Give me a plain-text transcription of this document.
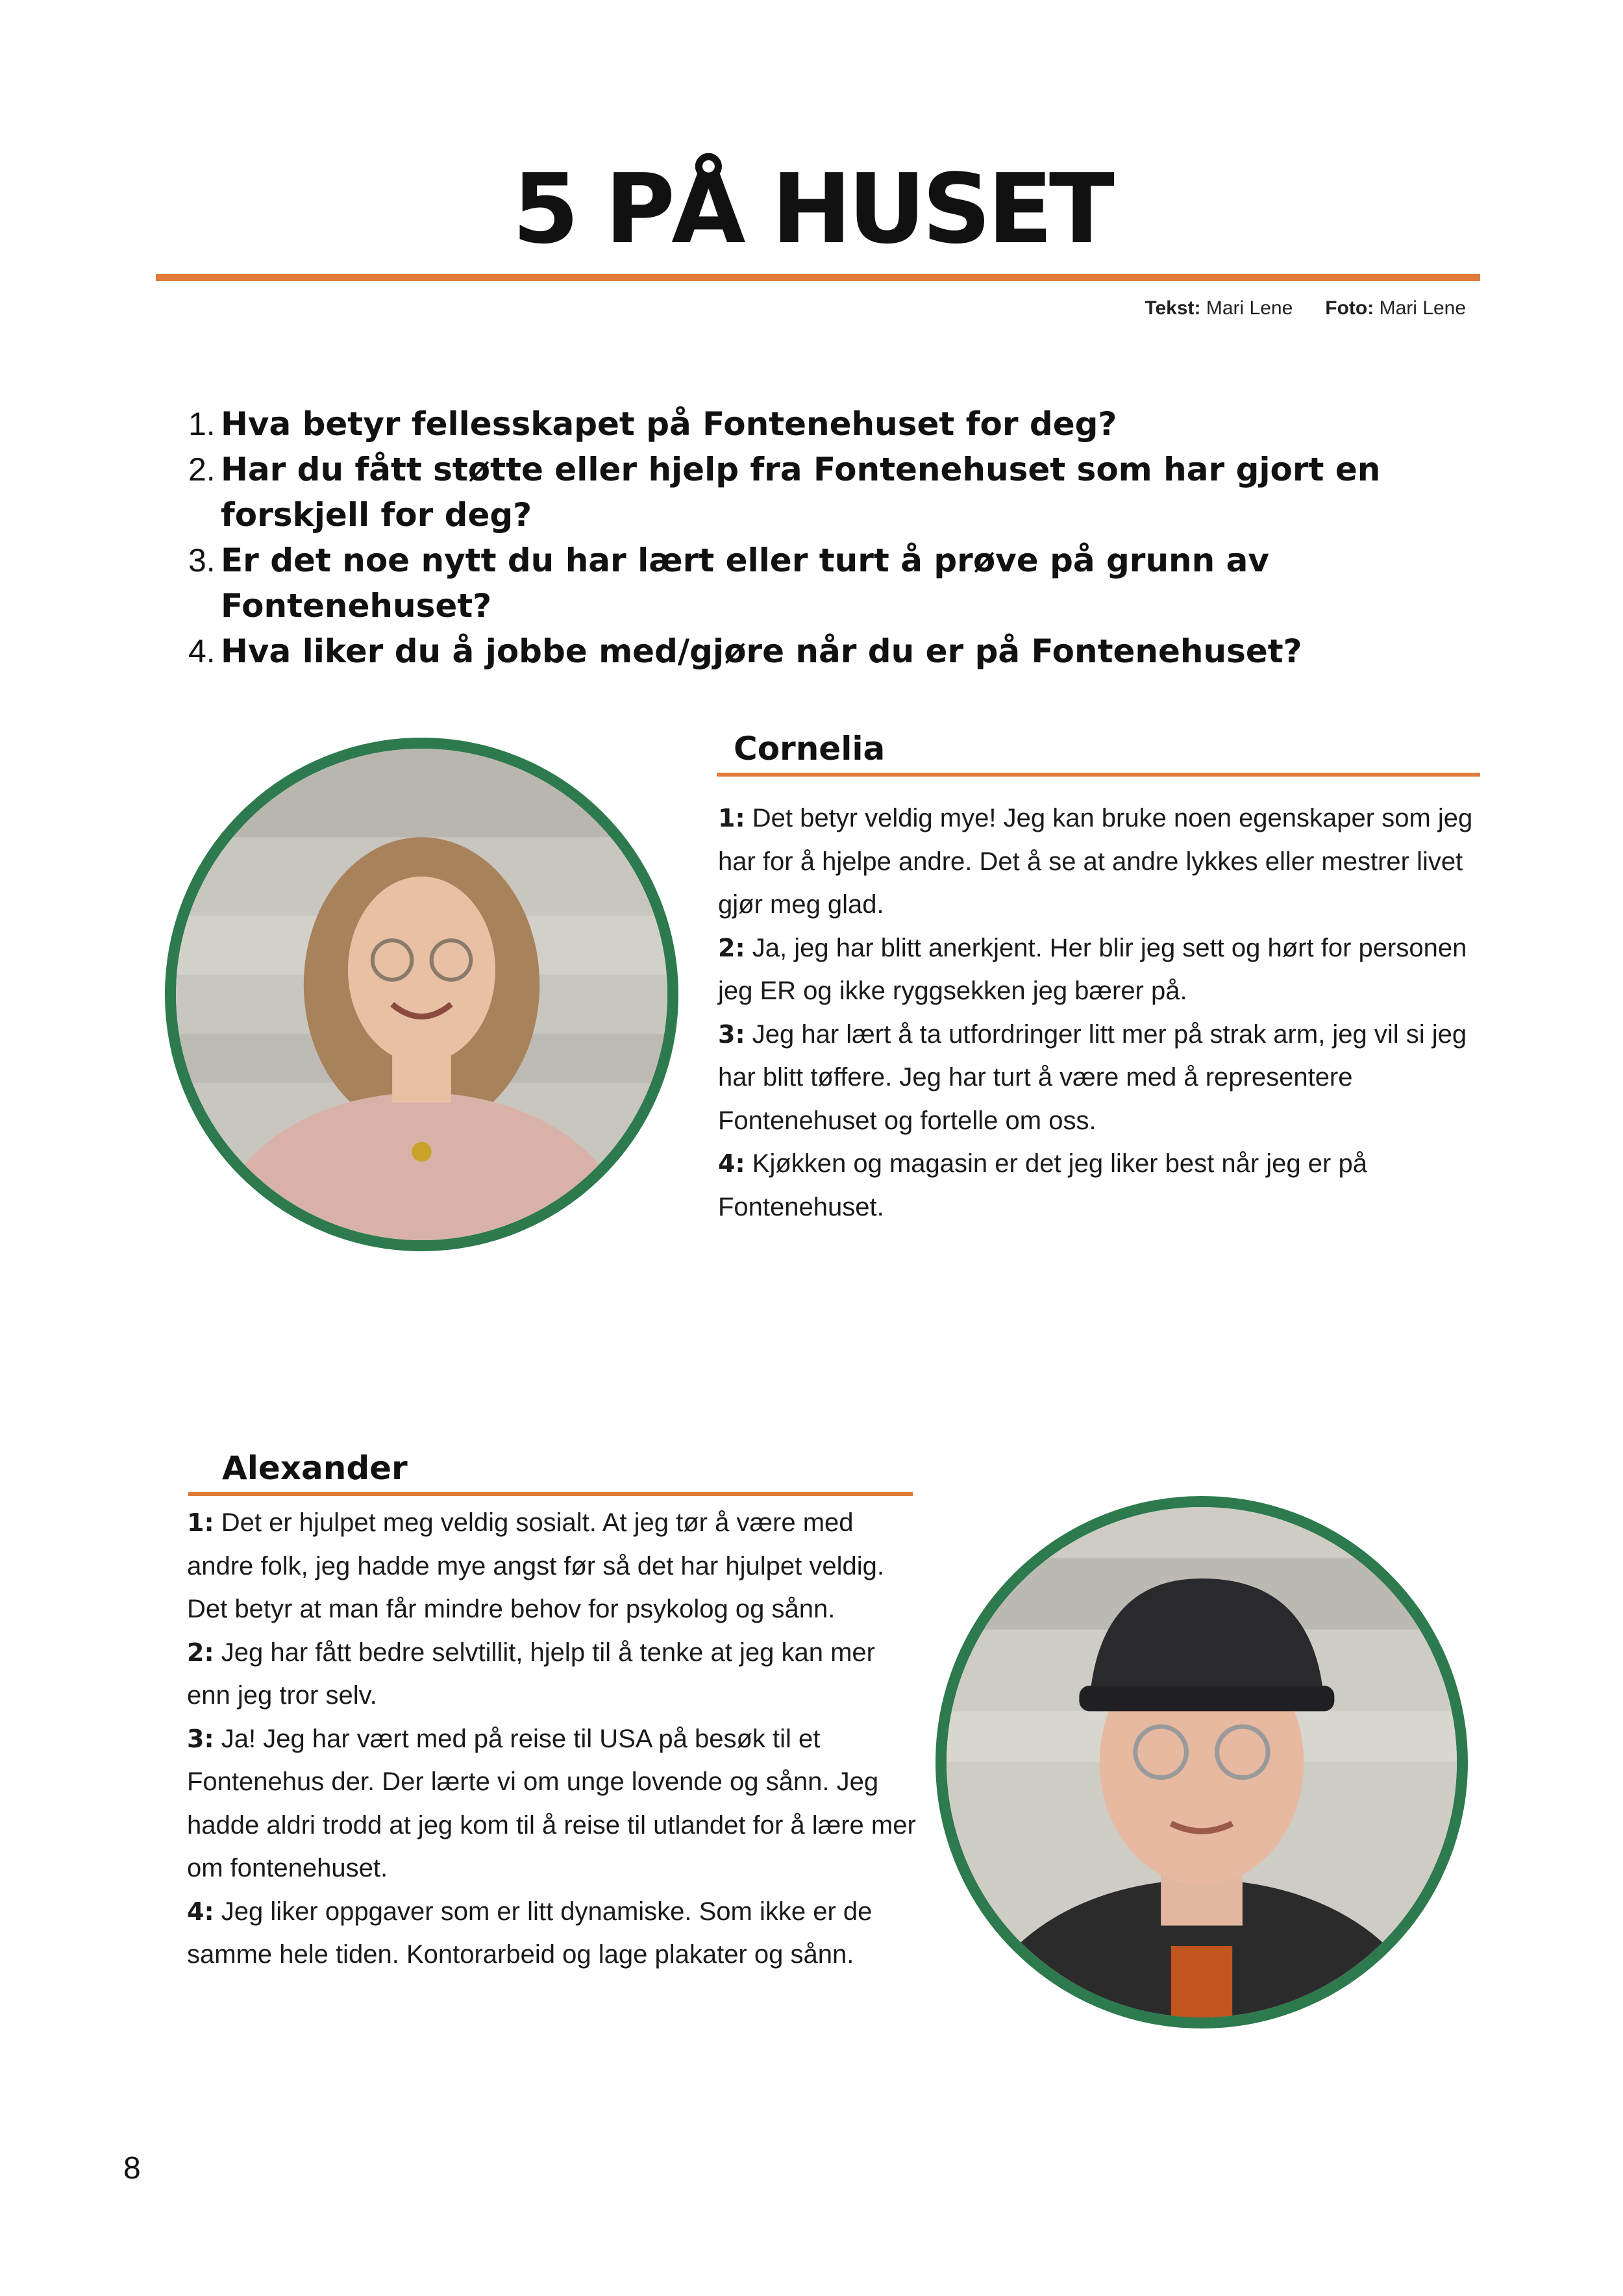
5 PÅ HUSET
Tekst: Mari Lene Foto: Mari Lene
1. Hva betyr fellesskapet på Fontenehuset for deg?
2. Har du fått støtte eller hjelp fra Fontenehuset som har gjort en forskjell for deg?
3. Er det noe nytt du har lært eller turt å prøve på grunn av Fontenehuset?
4. Hva liker du å jobbe med/gjøre når du er på Fontenehuset?
Cornelia

1: Det betyr veldig mye! Jeg kan bruke noen egenskaper som jeg har for å hjelpe andre. Det å se at andre lykkes eller mestrer livet gjør meg glad.

2: Ja, jeg har blitt anerkjent. Her blir jeg sett og hørt for personen jeg ER og ikke ryggsekken jeg bærer på.

3: Jeg har lært å ta utfordringer litt mer på strak arm, jeg vil si jeg har blitt tøffere. Jeg har turt å være med å representere Fontenehuset og fortelle om oss.

4: Kjøkken og magasin er det jeg liker best når jeg er på Fontenehuset.

Alexander

1: Det er hjulpet meg veldig sosialt. At jeg tør å være med andre folk, jeg hadde mye angst før så det har hjulpet veldig. Det betyr at man får mindre behov for psykolog og sånn.

2: Jeg har fått bedre selvtillit, hjelp til å tenke at jeg kan mer enn jeg tror selv.

3: Ja! Jeg har vært med på reise til USA på besøk til et Fontenehus der. Der lærte vi om unge lovende og sånn. Jeg hadde aldri trodd at jeg kom til å reise til utlandet for å lære mer om fontenehuset.

4: Jeg liker oppgaver som er litt dynamiske. Som ikke er de samme hele tiden. Kontorarbeid og lage plakater og sånn.

8
